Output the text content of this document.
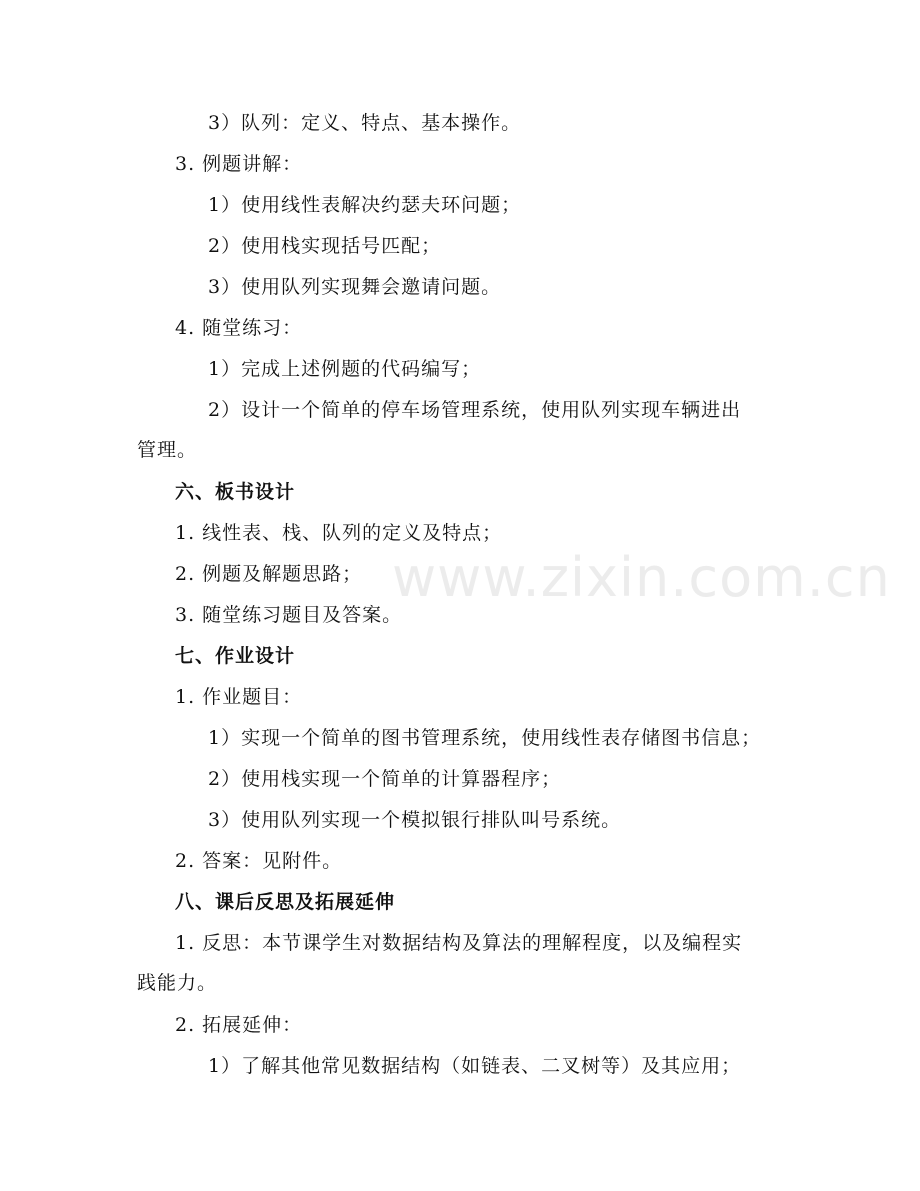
www.zixin.com.cn
3）队列：定义、特点、基本操作。
3. 例题讲解：
1）使用线性表解决约瑟夫环问题；
2）使用栈实现括号匹配；
3）使用队列实现舞会邀请问题。
4. 随堂练习：
1）完成上述例题的代码编写；
2）设计一个简单的停车场管理系统，使用队列实现车辆进出
管理。
六、板书设计
1. 线性表、栈、队列的定义及特点；
2. 例题及解题思路；
3. 随堂练习题目及答案。
七、作业设计
1. 作业题目：
1）实现一个简单的图书管理系统，使用线性表存储图书信息；
2）使用栈实现一个简单的计算器程序；
3）使用队列实现一个模拟银行排队叫号系统。
2. 答案：见附件。
八、课后反思及拓展延伸
1. 反思：本节课学生对数据结构及算法的理解程度，以及编程实
践能力。
2. 拓展延伸：
1）了解其他常见数据结构（如链表、二叉树等）及其应用；
